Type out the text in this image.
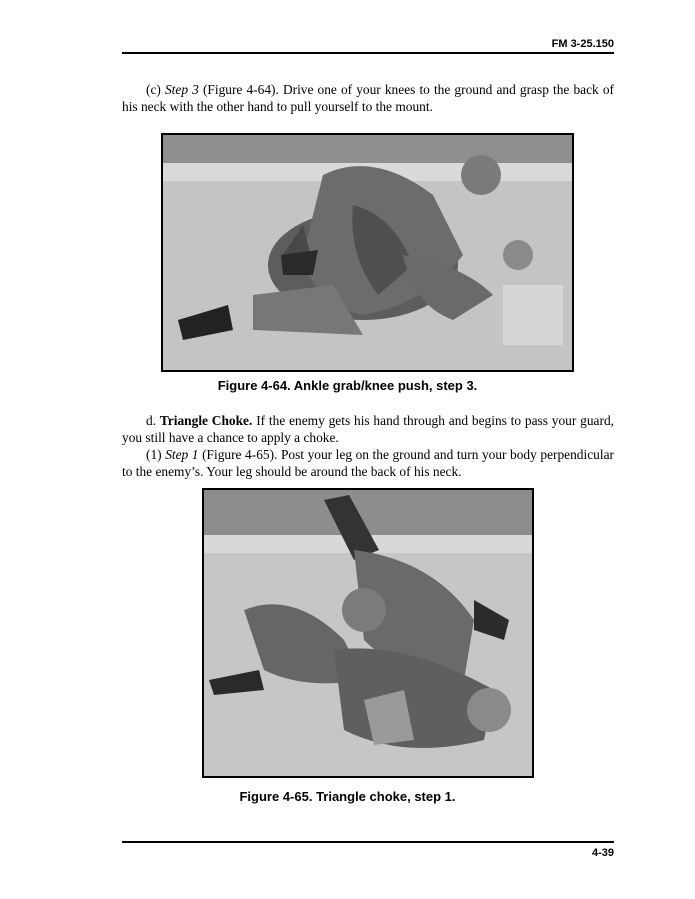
FM 3-25.150

(c) Step 3 (Figure 4-64). Drive one of your knees to the ground and grasp the back of his neck with the other hand to pull yourself to the mount.

Figure 4-64. Ankle grab/knee push, step 3.

d. Triangle Choke. If the enemy gets his hand through and begins to pass your guard, you still have a chance to apply a choke.

(1) Step 1 (Figure 4-65). Post your leg on the ground and turn your body perpendicular to the enemy’s. Your leg should be around the back of his neck.

Figure 4-65. Triangle choke, step 1.
4-39
